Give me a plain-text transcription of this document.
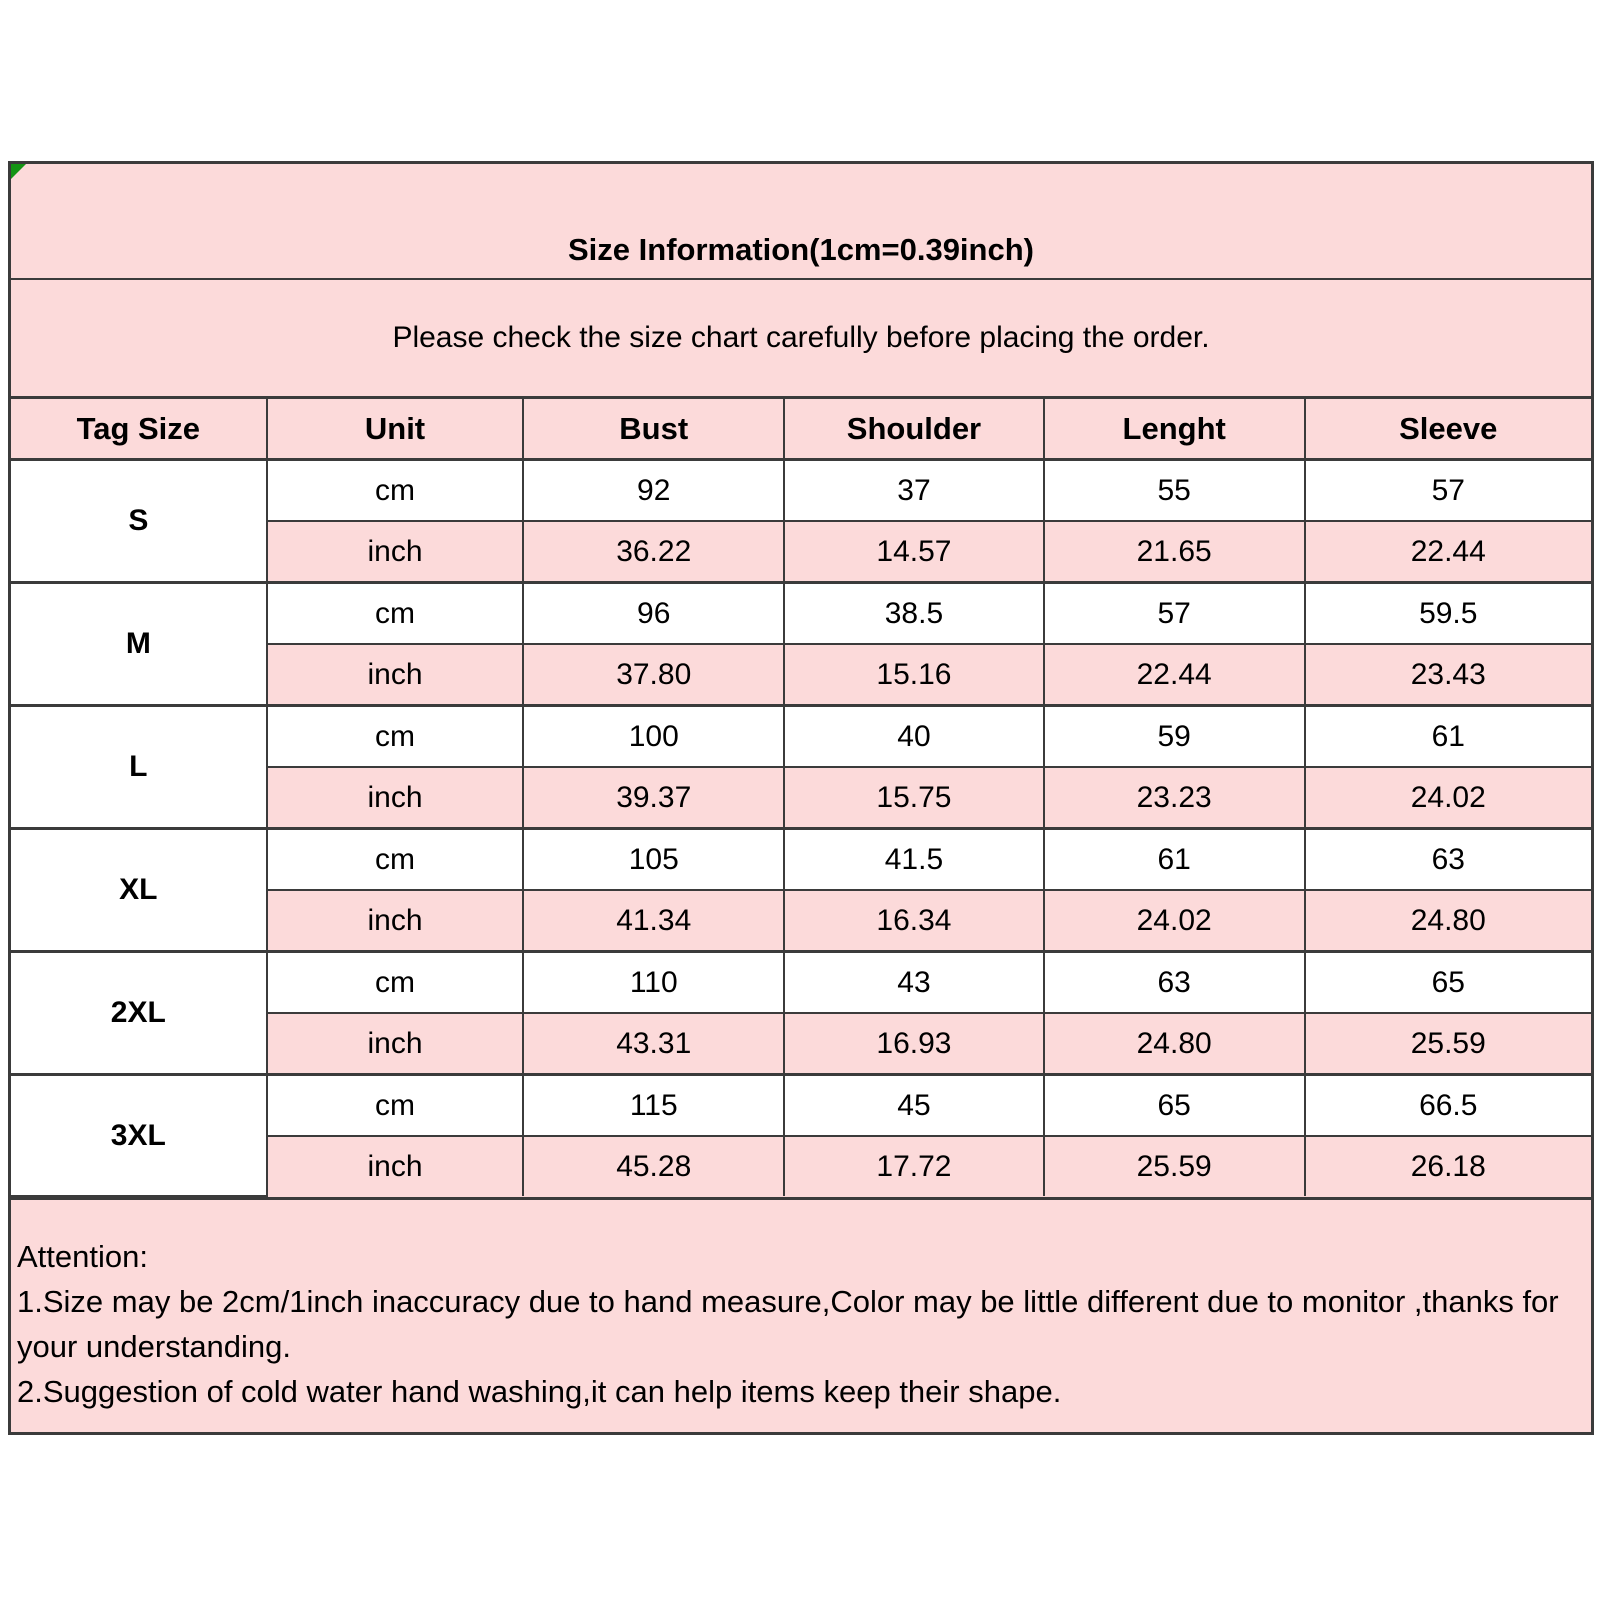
Size Information(1cm=0.39inch)
Please check the size chart carefully before placing the order.
Tag Size	Unit	Bust	Shoulder	Lenght	Sleeve
S	cm	92	37	55	57
	inch	36.22	14.57	21.65	22.44
M	cm	96	38.5	57	59.5
	inch	37.80	15.16	22.44	23.43
L	cm	100	40	59	61
	inch	39.37	15.75	23.23	24.02
XL	cm	105	41.5	61	63
	inch	41.34	16.34	24.02	24.80
2XL	cm	110	43	63	65
	inch	43.31	16.93	24.80	25.59
3XL	cm	115	45	65	66.5
	inch	45.28	17.72	25.59	26.18
Attention:
1.Size may be 2cm/1inch inaccuracy due to hand measure,Color may be little different due to monitor ,thanks for your understanding.
2.Suggestion of cold water hand washing,it can help items keep their shape.
